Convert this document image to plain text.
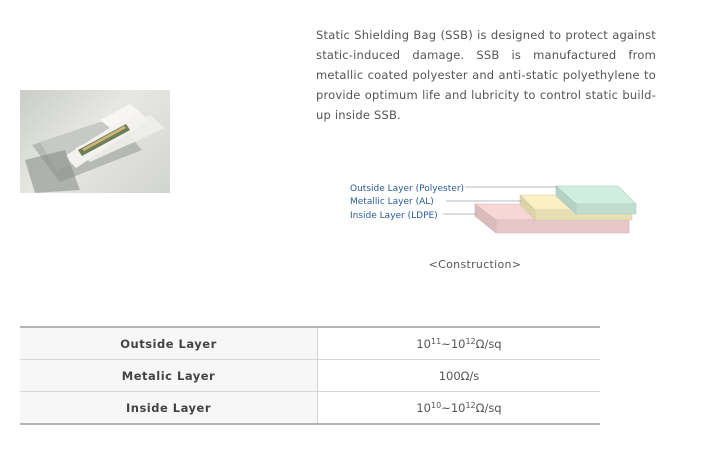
Static Shielding Bag (SSB) is designed to protect against static-induced damage. SSB is manufactured from metallic coated polyester and anti-static polyethylene to provide optimum life and lubricity to control static build-up inside SSB.

Outside Layer (Polyester)
Metallic Layer (AL)
Inside Layer (LDPE)
<Construction>
Outside Layer	$10^{11}\sim 10^{12}\Omega/sq$
Metalic Layer	100Ω/s
Inside Layer	$10^{10}\sim 10^{12}\Omega/sq$
